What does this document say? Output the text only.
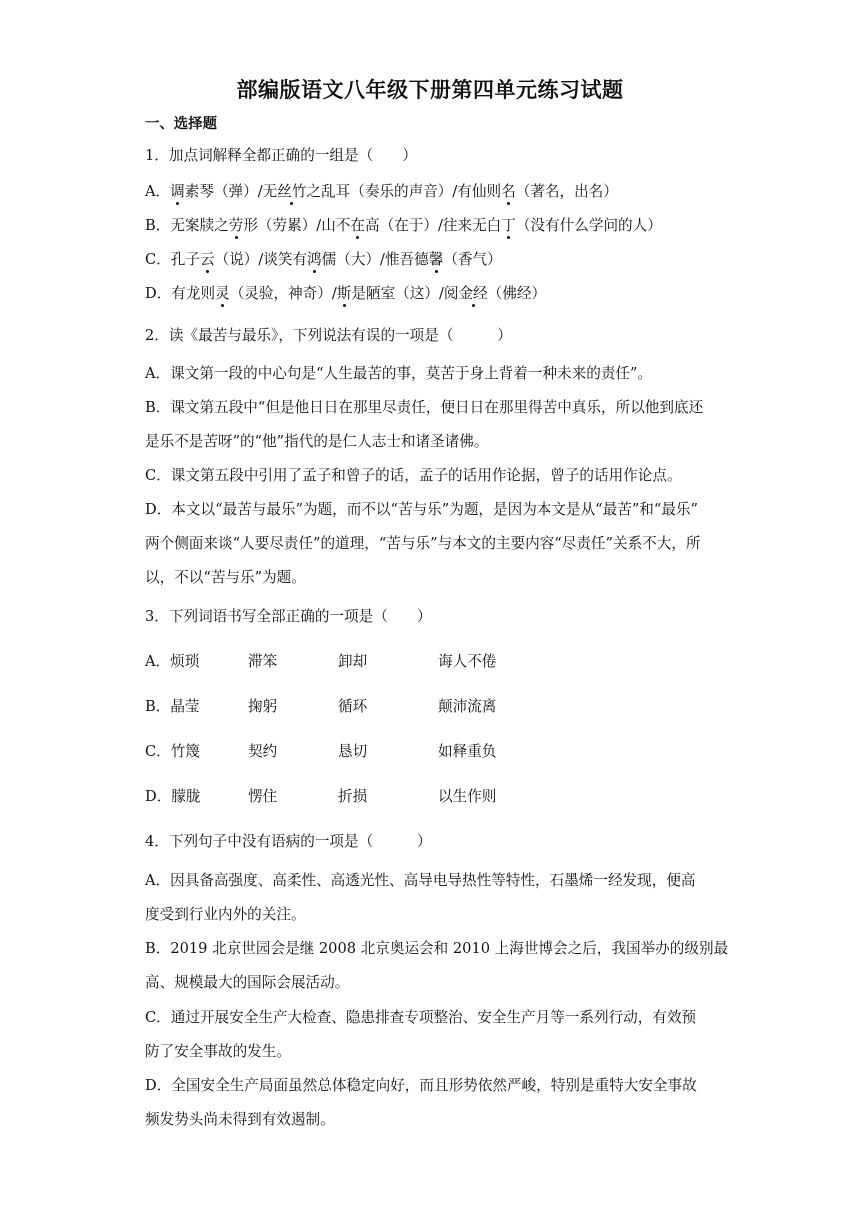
部编版语文八年级下册第四单元练习试题
一、选择题
1．加点词解释全都正确的一组是（　　）
A．调素琴（弹）/无丝竹之乱耳（奏乐的声音）/有仙则名（著名，出名）
B．无案牍之劳形（劳累）/山不在高（在于）/往来无白丁（没有什么学问的人）
C．孔子云（说）/谈笑有鸿儒（大）/惟吾德馨（香气）
D．有龙则灵（灵验，神奇）/斯是陋室（这）/阅金经（佛经）
2．读《最苦与最乐》，下列说法有误的一项是（　　　）
A．课文第一段的中心句是“人生最苦的事，莫苦于身上背着一种未来的责任”。
B．课文第五段中“但是他日日在那里尽责任，便日日在那里得苦中真乐，所以他到底还
是乐不是苦呀”的“他”指代的是仁人志士和诸圣诸佛。
C．课文第五段中引用了孟子和曾子的话，孟子的话用作论据，曾子的话用作论点。
D．本文以“最苦与最乐”为题，而不以“苦与乐”为题，是因为本文是从“最苦”和“最乐”
两个侧面来谈“人要尽责任”的道理，“苦与乐”与本文的主要内容“尽责任”关系不大，所
以，不以“苦与乐”为题。
3．下列词语书写全部正确的一项是（　　）
A．烦琐	滞笨	卸却	诲人不倦
B．晶莹	掬躬	循环	颠沛流离
C．竹篾	契约	恳切	如释重负
D．朦胧	愣住	折损	以生作则
4．下列句子中没有语病的一项是（　　　）
A．因具备高强度、高柔性、高透光性、高导电导热性等特性，石墨烯一经发现，便高
度受到行业内外的关注。
B．2019 北京世园会是继 2008 北京奥运会和 2010 上海世博会之后，我国举办的级别最
高、规模最大的国际会展活动。
C．通过开展安全生产大检查、隐患排查专项整治、安全生产月等一系列行动，有效预
防了安全事故的发生。
D．全国安全生产局面虽然总体稳定向好，而且形势依然严峻，特别是重特大安全事故
频发势头尚未得到有效遏制。
